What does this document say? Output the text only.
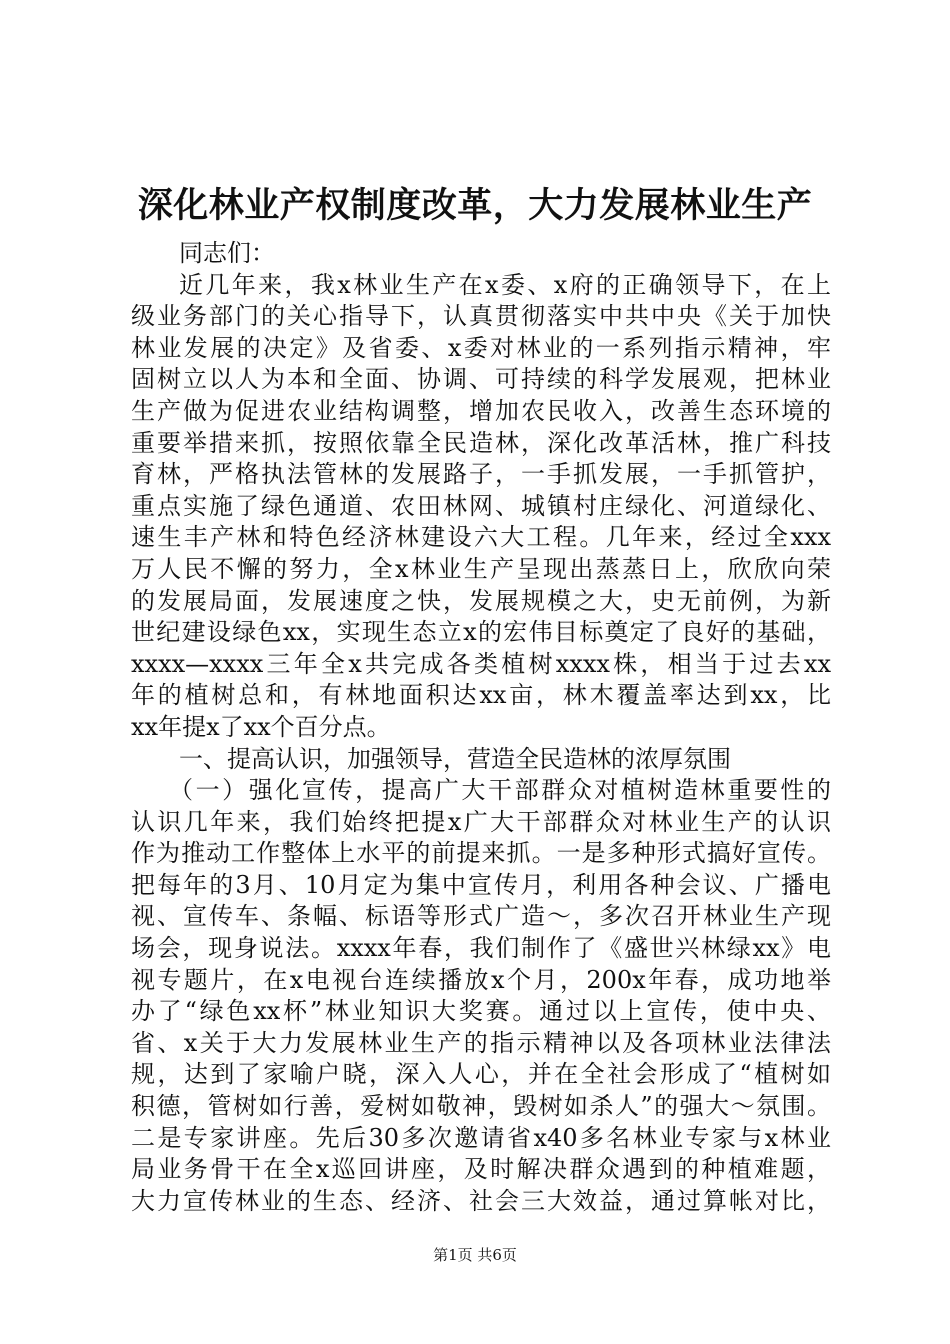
深化林业产权制度改革，大力发展林业生产
同志们：
近几年来，我x林业生产在x委、x府的正确领导下，在上
级业务部门的关心指导下，认真贯彻落实中共中央《关于加快
林业发展的决定》及省委、x委对林业的一系列指示精神，牢
固树立以人为本和全面、协调、可持续的科学发展观，把林业
生产做为促进农业结构调整，增加农民收入，改善生态环境的
重要举措来抓，按照依靠全民造林，深化改革活林，推广科技
育林，严格执法管林的发展路子，一手抓发展，一手抓管护，
重点实施了绿色通道、农田林网、城镇村庄绿化、河道绿化、
速生丰产林和特色经济林建设六大工程。几年来，经过全xxx
万人民不懈的努力，全x林业生产呈现出蒸蒸日上，欣欣向荣
的发展局面，发展速度之快，发展规模之大，史无前例，为新
世纪建设绿色xx，实现生态立x的宏伟目标奠定了良好的基础，
xxxx—xxxx三年全x共完成各类植树xxxx株，相当于过去xx
年的植树总和，有林地面积达xx亩，林木覆盖率达到xx，比
xx年提x了xx个百分点。
一、提高认识，加强领导，营造全民造林的浓厚氛围
（一）强化宣传，提高广大干部群众对植树造林重要性的
认识几年来，我们始终把提x广大干部群众对林业生产的认识
作为推动工作整体上水平的前提来抓。一是多种形式搞好宣传。
把每年的3月、10月定为集中宣传月，利用各种会议、广播电
视、宣传车、条幅、标语等形式广造～，多次召开林业生产现
场会，现身说法。xxxx年春，我们制作了《盛世兴林绿xx》电
视专题片，在x电视台连续播放x个月，200x年春，成功地举
办了“绿色xx杯”林业知识大奖赛。通过以上宣传，使中央、
省、x关于大力发展林业生产的指示精神以及各项林业法律法
规，达到了家喻户晓，深入人心，并在全社会形成了“植树如
积德，管树如行善，爱树如敬神，毁树如杀人”的强大～氛围。
二是专家讲座。先后30多次邀请省x40多名林业专家与x林业
局业务骨干在全x巡回讲座，及时解决群众遇到的种植难题，
大力宣传林业的生态、经济、社会三大效益，通过算帐对比，
第1页 共6页
